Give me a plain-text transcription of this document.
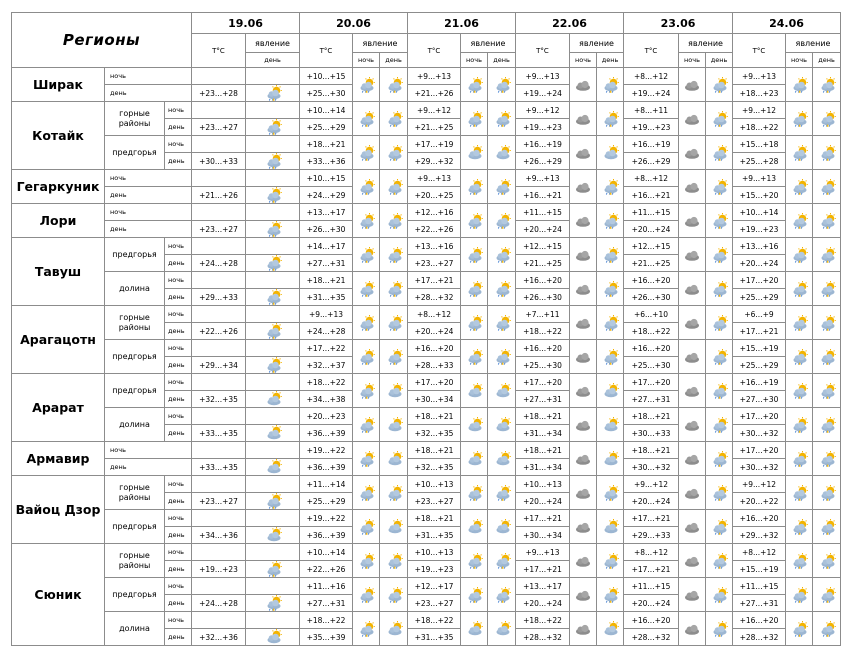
Регионы			19.06		20.06			21.06			22.06			23.06			24.06		
			Т°С	явление	Т°С	явление		Т°С	явление		Т°С	явление		Т°С	явление		Т°С	явление	
				день		ночь	день		ночь	день		ночь	день		ночь	день		ночь	день
Ширак	ночь				+10...+15			+9...+13			+9...+13			+8...+12			+9...+13	

	день		+23...+28		+25...+30			+21...+26			+19...+24			+19...+24			+18...+23		
Котайк	горные районы	ночь			+10...+14			+9...+12			+9...+12			+8...+11			+9...+12	

		день	+23...+27		+25...+29			+21...+25			+19...+23			+19...+23			+18...+22		
	предгорья	ночь			+18...+21			+17...+19			+16...+19			+16...+19			+15...+18	

		день	+30...+33		+33...+36			+29...+32			+26...+29			+26...+29			+25...+28		
Гегаркуник	ночь				+10...+15			+9...+13			+9...+13			+8...+12			+9...+13	

	день		+21...+26		+24...+29			+20...+25			+16...+21			+16...+21			+15...+20		
Лори	ночь				+13...+17			+12...+16			+11...+15			+11...+15			+10...+14	

	день		+23...+27		+26...+30			+22...+26			+20...+24			+20...+24			+19...+23		
Тавуш	предгорья	ночь			+14...+17			+13...+16			+12...+15			+12...+15			+13...+16	

		день	+24...+28		+27...+31			+23...+27			+21...+25			+21...+25			+20...+24		
	долина	ночь			+18...+21			+17...+21			+16...+20			+16...+20			+17...+20	

		день	+29...+33		+31...+35			+28...+32			+26...+30			+26...+30			+25...+29		
Арагацотн	горные районы	ночь			+9...+13			+8...+12			+7...+11			+6...+10			+6...+9	

		день	+22...+26		+24...+28			+20...+24			+18...+22			+18...+22			+17...+21		
	предгорья	ночь			+17...+22			+16...+20			+16...+20			+16...+20			+15...+19	

		день	+29...+34		+32...+37			+28...+33			+25...+30			+25...+30			+25...+29		
Арарат	предгорья	ночь			+18...+22			+17...+20			+17...+20			+17...+20			+16...+19	

		день	+32...+35		+34...+38			+30...+34			+27...+31			+27...+31			+27...+30		
	долина	ночь			+20...+23			+18...+21			+18...+21			+18...+21			+17...+20	

		день	+33...+35		+36...+39			+32...+35			+31...+34			+30...+33			+30...+32		
Армавир	ночь				+19...+22			+18...+21			+18...+21			+18...+21			+17...+20	

	день		+33...+35		+36...+39			+32...+35			+31...+34			+30...+32			+30...+32		
Вайоц Дзор	горные районы	ночь			+11...+14			+10...+13			+10...+13			+9...+12			+9...+12	

		день	+23...+27		+25...+29			+23...+27			+20...+24			+20...+24			+20...+22		
	предгорья	ночь			+19...+22			+18...+21			+17...+21			+17...+21			+16...+20	

		день	+34...+36		+36...+39			+31...+35			+30...+34			+29...+33			+29...+32		
Сюник	горные районы	ночь			+10...+14			+10...+13			+9...+13			+8...+12			+8...+12	

		день	+19...+23		+22...+26			+19...+23			+17...+21			+17...+21			+15...+19		
	предгорья	ночь			+11...+16			+12...+17			+13...+17			+11...+15			+11...+15	

		день	+24...+28		+27...+31			+23...+27			+20...+24			+20...+24			+27...+31		
	долина	ночь			+18...+22			+18...+22			+18...+22			+16...+20			+16...+20	

		день	+32...+36		+35...+39			+31...+35			+28...+32			+28...+32			+28...+32		
